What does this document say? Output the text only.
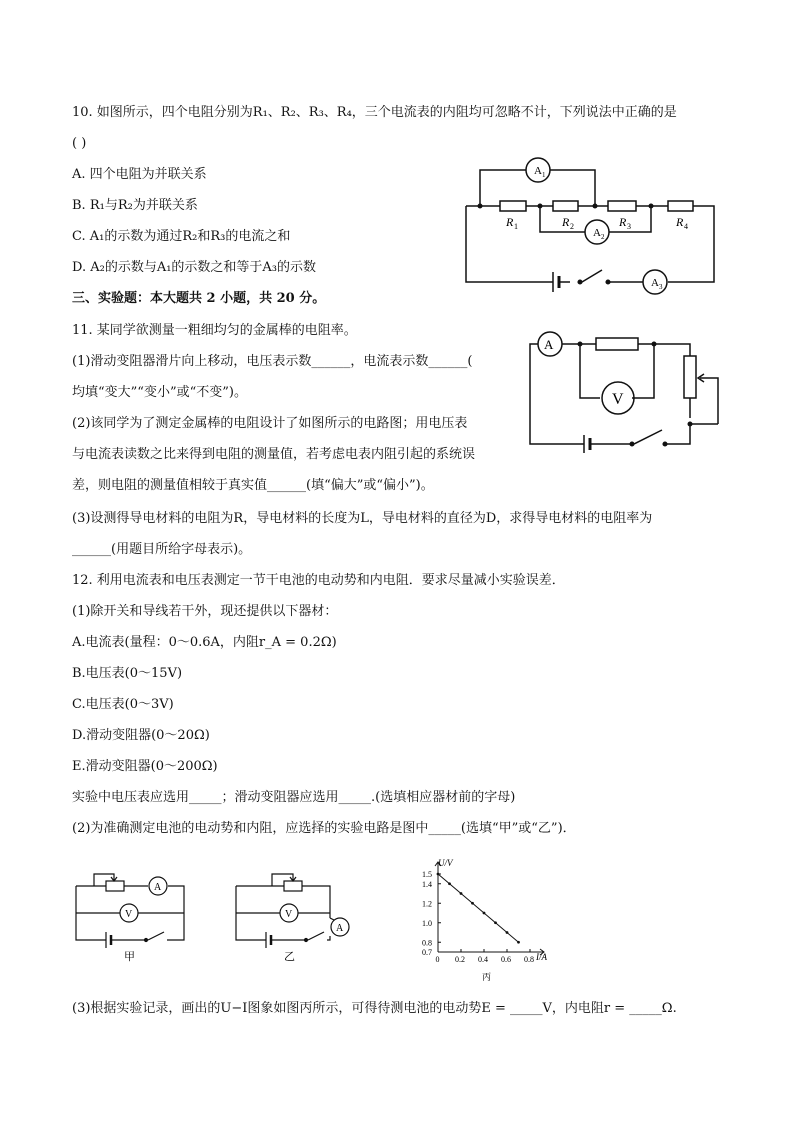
10. 如图所示，四个电阻分别为R₁、R₂、R₃、R₄，三个电流表的内阻均可忽略不计，下列说法中正确的是
( )
A. 四个电阻为并联关系
B. R₁与R₂为并联关系
C. A₁的示数为通过R₂和R₃的电流之和
D. A₂的示数与A₁的示数之和等于A₃的示数
A 1
A 2
A 3
R 1	R 2	R 3	R 4
三、实验题：本大题共 2 小题，共 20 分。
11. 某同学欲测量一粗细均匀的金属棒的电阻率。
(1)滑动变阻器滑片向上移动，电压表示数______，电流表示数______(
均填“变大”“变小”或“不变”)。
(2)该同学为了测定金属棒的电阻设计了如图所示的电路图；用电压表
与电流表读数之比来得到电阻的测量值，若考虑电表内阻引起的系统误
差，则电阻的测量值相较于真实值______(填“偏大”或“偏小”)。
(3)设测得导电材料的电阻为R，导电材料的长度为L，导电材料的直径为D，求得导电材料的电阻率为
______(用题目所给字母表示)。
A
V
12. 利用电流表和电压表测定一节干电池的电动势和内电阻．要求尽量减小实验误差．
(1)除开关和导线若干外，现还提供以下器材：
A.电流表(量程：0～0.6A，内阻r_A = 0.2Ω)
B.电压表(0～15V)
C.电压表(0～3V)
D.滑动变阻器(0～20Ω)
E.滑动变阻器(0～200Ω)
实验中电压表应选用_____；滑动变阻器应选用_____.(选填相应器材前的字母)
(2)为准确测定电池的电动势和内阻，应选择的实验电路是图中_____(选填“甲”或“乙”)．
A
V
甲
A
V
乙	0 0.2 0.4 0.6 0.8
0.7
0.8
1.0
1.2
1.4
1.5
U/V
I/A
丙
(3)根据实验记录，画出的U−I图象如图丙所示，可得待测电池的电动势E = _____V，内电阻r = _____Ω.
